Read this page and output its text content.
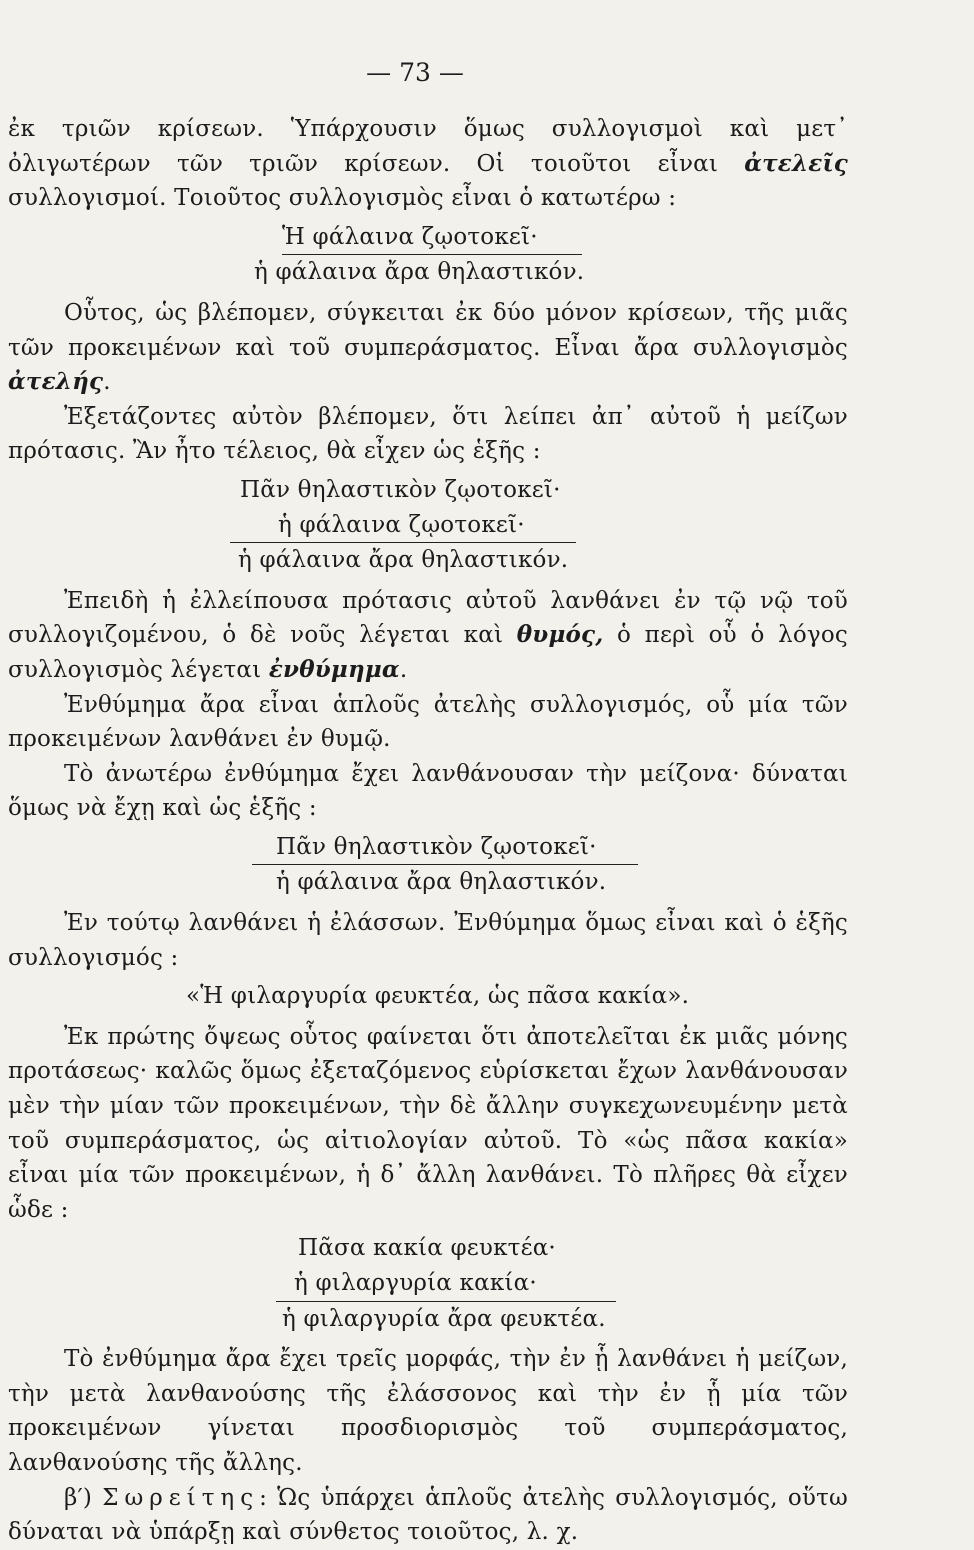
— 73 —

ἐκ τριῶν κρίσεων. Ὑπάρχουσιν ὅμως συλλογισμοὶ καὶ μετ᾽ ὀλιγωτέρων τῶν τριῶν κρίσεων. Οἱ τοιοῦτοι εἶναι ἀτελεῖς συλλογισμοί. Τοιοῦτος συλλογισμὸς εἶναι ὁ κατωτέρω :

Ἡ φάλαινα ζῳοτοκεῖ·
ἡ φάλαινα ἄρα θηλαστικόν.

Οὗτος, ὡς βλέπομεν, σύγκειται ἐκ δύο μόνον κρίσεων, τῆς μιᾶς τῶν προκειμένων καὶ τοῦ συμπεράσματος. Εἶναι ἄρα συλλογισμὸς ἀτελής.

Ἐξετάζοντες αὐτὸν βλέπομεν, ὅτι λείπει ἀπ᾽ αὐτοῦ ἡ μείζων πρότασις. Ἂν ἦτο τέλειος, θὰ εἶχεν ὡς ἑξῆς :

Πᾶν θηλαστικὸν ζῳοτοκεῖ·
ἡ φάλαινα ζῳοτοκεῖ·
ἡ φάλαινα ἄρα θηλαστικόν.

Ἐπειδὴ ἡ ἐλλείπουσα πρότασις αὐτοῦ λανθάνει ἐν τῷ νῷ τοῦ συλλογιζομένου, ὁ δὲ νοῦς λέγεται καὶ θυμός, ὁ περὶ οὗ ὁ λόγος συλλογισμὸς λέγεται ἐνθύμημα.

Ἐνθύμημα ἄρα εἶναι ἁπλοῦς ἀτελὴς συλλογισμός, οὗ μία τῶν προκειμένων λανθάνει ἐν θυμῷ.

Τὸ ἀνωτέρω ἐνθύμημα ἔχει λανθάνουσαν τὴν μείζονα· δύναται ὅμως νὰ ἔχῃ καὶ ὡς ἑξῆς :

Πᾶν θηλαστικὸν ζῳοτοκεῖ·
ἡ φάλαινα ἄρα θηλαστικόν.

Ἐν τούτῳ λανθάνει ἡ ἐλάσσων. Ἐνθύμημα ὅμως εἶναι καὶ ὁ ἑξῆς συλλογισμός :

«Ἡ φιλαργυρία φευκτέα, ὡς πᾶσα κακία».

Ἐκ πρώτης ὄψεως οὗτος φαίνεται ὅτι ἀποτελεῖται ἐκ μιᾶς μόνης προτάσεως· καλῶς ὅμως ἐξεταζόμενος εὑρίσκεται ἔχων λανθάνουσαν μὲν τὴν μίαν τῶν προκειμένων, τὴν δὲ ἄλλην συγκεχωνευμένην μετὰ τοῦ συμπεράσματος, ὡς αἰτιολογίαν αὐτοῦ. Τὸ «ὡς πᾶσα κακία» εἶναι μία τῶν προκειμένων, ἡ δ᾽ ἄλλη λανθάνει. Τὸ πλῆρες θὰ εἶχεν ὧδε :

Πᾶσα κακία φευκτέα·
ἡ φιλαργυρία κακία·
ἡ φιλαργυρία ἄρα φευκτέα.

Τὸ ἐνθύμημα ἄρα ἔχει τρεῖς μορφάς, τὴν ἐν ᾗ λανθάνει ἡ μείζων, τὴν μετὰ λανθανούσης τῆς ἐλάσσονος καὶ τὴν ἐν ᾗ μία τῶν προκειμένων γίνεται προσδιορισμὸς τοῦ συμπεράσματος, λανθανούσης τῆς ἄλλης.

β′) Σωρείτης: Ὡς ὑπάρχει ἁπλοῦς ἀτελὴς συλλογισμός, οὕτω δύναται νὰ ὑπάρξῃ καὶ σύνθετος τοιοῦτος, λ. χ.
